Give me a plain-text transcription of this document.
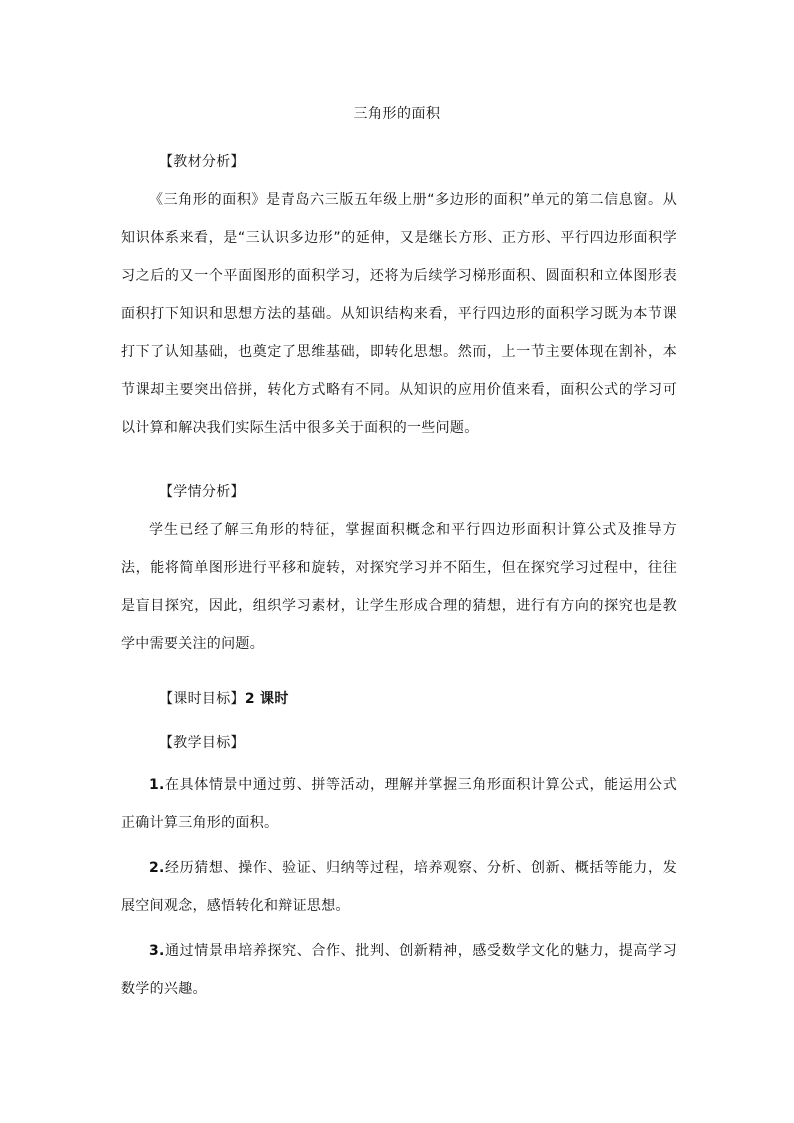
三角形的面积

【教材分析】

《三角形的面积》是青岛六三版五年级上册“多边形的面积”单元的第二信息窗。从知识体系来看，是“三认识多边形”的延伸，又是继长方形、正方形、平行四边形面积学习之后的又一个平面图形的面积学习，还将为后续学习梯形面积、圆面积和立体图形表面积打下知识和思想方法的基础。从知识结构来看，平行四边形的面积学习既为本节课打下了认知基础，也奠定了思维基础，即转化思想。然而，上一节主要体现在割补，本节课却主要突出倍拼，转化方式略有不同。从知识的应用价值来看，面积公式的学习可以计算和解决我们实际生活中很多关于面积的一些问题。

【学情分析】

学生已经了解三角形的特征，掌握面积概念和平行四边形面积计算公式及推导方法，能将简单图形进行平移和旋转，对探究学习并不陌生，但在探究学习过程中，往往是盲目探究，因此，组织学习素材，让学生形成合理的猜想，进行有方向的探究也是教学中需要关注的问题。

【课时目标】2 课时

【教学目标】

1.在具体情景中通过剪、拼等活动，理解并掌握三角形面积计算公式，能运用公式正确计算三角形的面积。

2.经历猜想、操作、验证、归纳等过程，培养观察、分析、创新、概括等能力，发展空间观念，感悟转化和辩证思想。

3.通过情景串培养探究、合作、批判、创新精神，感受数学文化的魅力，提高学习数学的兴趣。
